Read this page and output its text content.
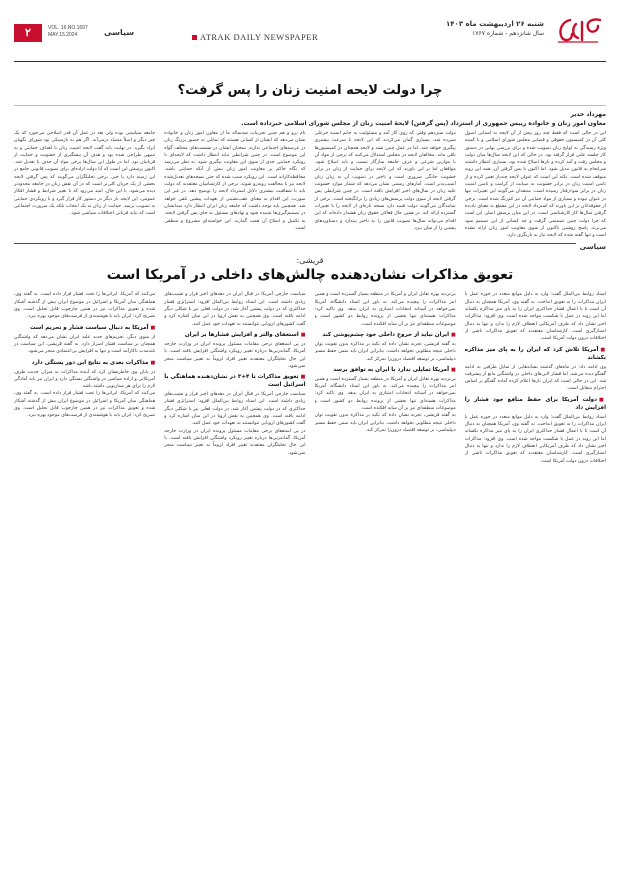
شنبه ۲۶ اردیبهشت ماه ۱۴۰۳
سال شانزدهم - شماره ۱۷۶۷
ATRAK DAILY NEWSPAPER
سیاسی
VOL. 16,NO.1697
MAY.15.2024
۲
چرا دولت لایحه امنیت زنان را پس گرفت؟
مهرداد خدیر
معاون امور زنان و خانواده رییس جمهوری از استرداد (پس گرفتن) لایحهٔ امنیت زنان از مجلس شورای اسلامی خبرداده است.
این در حالی است که فقط چند روز پیش از آن لایحه به استانی اصول کلی آن در کمیسیون حقوقی و قضایی مجلس شورای اسلامی و با کمیته ویژهٔ رسیدگی به لوایح زنان تصویب شده و برای بررسی نهایی در دستور کار جلسه علنی قرار گرفته بود. در حالی که این لایحه سال‌ها میان دولت و مجلس رفت و آمد کرده و بارها اصلاح شده بود، بسیاری انتظار داشتند سرانجام به قانون تبدیل شود. اما اکنون با پس گرفتن آن، همه این روند متوقف شده است. نکته این است که عنوان لایحه چندبار تغییر کرده و از تامین امنیت زنان در برابر خشونت به صیانت از کرامت و تامین امنیت زنان در برابر سوءرفتار رسیده است. منتقدان می‌گویند این تغییرات تنها در عنوان نبوده و بسیاری از مواد حمایتی آن نیز کم‌رنگ شده است. برخی از حقوقدانان بر این باورند که استرداد لایحه در این مقطع به معنای نادیده گرفتن سال‌ها کار کارشناسی است. در این میان پرسش اصلی این است که چرا دولت چنین تصمیمی گرفت و چه کسانی از این تصمیم سود می‌برند. پاسخ روشنی تاکنون از سوی معاونت امور زنان ارائه نشده است و تنها گفته شده که لایحه نیاز به بازنگری دارد.
دولت سیزدهم وقتی که روی کار آمد و مسئولیت به خانم انسیه خزعلی سپرده شد، بسیاری گمان می‌کردند که این لایحه با سرعت بیشتری پیگیری خواهد شد. اما در عمل چنین نشد و لایحه همچنان در کمیسیون‌ها باقی ماند. مخالفان لایحه در مجلس استدلال می‌کنند که برخی از مواد آن با موازین شرعی و عرف جامعه سازگار نیست و باید اصلاح شود. موافقان اما بر این باورند که این لایحه برای حمایت از زنان در برابر خشونت خانگی ضروری است و تاخیر در تصویب آن به زیان زنان آسیب‌پذیر است. آمارهای رسمی نشان می‌دهد که شمار موارد خشونت علیه زنان در سال‌های اخیر افزایش یافته است. در چنین شرایطی پس گرفتن لایحه از سوی دولت پرسش‌های زیادی را برانگیخته است. برخی از نمایندگان می‌گویند دولت قصد دارد نسخه تازه‌ای از لایحه را با تغییرات گسترده ارائه کند. در همین حال فعالان حقوق زنان هشدار داده‌اند که این اقدام می‌تواند سال‌ها تصویب قانون را به تاخیر بیندازد و دستاوردهای پیشین را از میان ببرد.
نام برو و هم چنین تجربیات سه‌ساله ما از معاون امور زنان و خانواده نشان می‌دهد که ایشان از کسانی هستند که تمایلی به حضور پررنگ زنان در عرصه‌های اجتماعی ندارند. سخنان ایشان در نشست‌های مختلف گواه این موضوع است. در چنین شرایطی نباید انتظار داشت که لایحه‌ای با رویکرد حمایتی جدی از سوی این معاونت پیگیری شود. به نظر می‌رسد که نگاه حاکم بر معاونت امور زنان بیش از آنکه حمایتی باشد، محافظه‌کارانه است. این رویکرد سبب شده که حتی نسخه‌های تعدیل‌شده لایحه نیز با مخالفت روبه‌رو شوند. برخی از کارشناسان معتقدند که دولت باید با شفافیت بیشتری دلایل استرداد لایحه را توضیح دهد. در غیر این صورت، این اقدام به معنای عقب‌نشینی از تعهدات پیشین تلقی خواهد شد. همچنین باید توجه داشت که جامعه زنان ایران انتظار دارد صدایشان در تصمیم‌گیری‌ها شنیده شود و نهادهای مسئول به جای پس گرفتن لایحه، به تکمیل و اصلاح آن همت گمارند. این خواسته‌ای مشروع و منطقی است.
جامعه سیاستی بوده ولی بعد در عمل آن قدر اصلاحی می‌خورد که یک چیز دیگر و اصلاً متضاد درمی‌آید. اگر هم به بازسیکی بود شورای نگهبان ایراد بگیرد. در نهایت باید گفت لایحه امنیت زنان با اهداف حمایتی و نه تنبیهی طراحی شده بود و هدف آن پیشگیری از خشونت و حمایت از قربانیان بود. اما در طول این سال‌ها برخی مواد آن حذف یا تعدیل شد. اکنون پرسش این است که آیا دولت اراده‌ای برای تصویب قانونی جامع در این زمینه دارد یا خیر. برخی تحلیلگران می‌گویند که پس گرفتن لایحه بخشی از یک جریان کلی‌تر است که در آن نقش زنان در جامعه محدودتر دیده می‌شود. با این حال، امید می‌رود که با تغییر شرایط و فشار افکار عمومی، این لایحه بار دیگر در دستور کار قرار گیرد و با رویکردی حمایتی به تصویب برسد. حمایت از زنان نه یک انتخاب بلکه یک ضرورت اجتماعی است که نباید قربانی اختلافات سیاسی شود.
سیاسی
قریشی:
تعویق مذاکرات نشان‌دهنده چالش‌های داخلی در آمریکا است

استاد روابط بین‌الملل گفت: وارد به دلیل موانع متعدد در حوزه عمل با ایران مذاکرات را به تعویق انداخت. به گفته وی، آمریکا همچنان به دنبال آن است تا با اعمال فشار حداکثری ایران را به پای میز مذاکره بکشاند اما این روند در عمل با شکست مواجه شده است. وی افزود: مذاکرات اخیر نشان داد که طرف آمریکایی انعطاف لازم را ندارد و تنها به دنبال امتیازگیری است. کارشناسان معتقدند که تعویق مذاکرات ناشی از اختلافات درون دولت آمریکا است.

■ آمریکا تلاش کرد که ایران را به پای میز مذاکره بکشاند

وی ادامه داد: در ماه‌های گذشته نشانه‌هایی از تمایل طرفین به ادامه گفتگو دیده می‌شد، اما فشار لابی‌های داخلی در واشنگتن مانع از پیشرفت شد. این در حالی است که ایران بارها اعلام کرده آماده گفتگو بر اساس احترام متقابل است.

■ دولت آمریکا برای حفظ منافع خود فشار را افزایش داد

استاد روابط بین‌الملل گفت: وارد به دلیل موانع متعدد در حوزه عمل با ایران مذاکرات را به تعویق انداخت. به گفته وی، آمریکا همچنان به دنبال آن است تا با اعمال فشار حداکثری ایران را به پای میز مذاکره بکشاند اما این روند در عمل با شکست مواجه شده است. وی افزود: مذاکرات اخیر نشان داد که طرف آمریکایی انعطاف لازم را ندارد و تنها به دنبال امتیازگیری است. کارشناسان معتقدند که تعویق مذاکرات ناشی از اختلافات درون دولت آمریکا است.

بی‌تردید بهره تقابل ایران و آمریکا در منطقه بسیار گسترده است و همین امر مذاکرات را پیچیده می‌کند. به باور این استاد دانشگاه، آمریکا نمی‌خواهد در آستانه انتخابات امتیازی به ایران بدهد. وی تاکید کرد: مذاکرات هسته‌ای تنها بخشی از پرونده روابط دو کشور است و موضوعات منطقه‌ای نیز بر آن سایه افکنده است.

■ ایران نباید از خروج داخلی خود چشم‌پوشی کند

به گفته قریشی، تجربه نشان داده که تکیه بر مذاکره بدون تقویت توان داخلی نتیجه مطلوبی نخواهد داشت. بنابراین ایران باید ضمن حفظ مسیر دیپلماسی، بر توسعه اقتصاد درون‌زا تمرکز کند.

■ آمریکا تمایلی ندارد با ایران به توافق برسد

بی‌تردید بهره تقابل ایران و آمریکا در منطقه بسیار گسترده است و همین امر مذاکرات را پیچیده می‌کند. به باور این استاد دانشگاه، آمریکا نمی‌خواهد در آستانه انتخابات امتیازی به ایران بدهد. وی تاکید کرد: مذاکرات هسته‌ای تنها بخشی از پرونده روابط دو کشور است و موضوعات منطقه‌ای نیز بر آن سایه افکنده است.

به گفته قریشی، تجربه نشان داده که تکیه بر مذاکره بدون تقویت توان داخلی نتیجه مطلوبی نخواهد داشت. بنابراین ایران باید ضمن حفظ مسیر دیپلماسی، بر توسعه اقتصاد درون‌زا تمرکز کند.

سیاست خارجی آمریکا در قبال ایران در دهه‌های اخیر فراز و نشیب‌های زیادی داشته است. این استاد روابط بین‌الملل افزود: استراتژی فشار حداکثری که در دولت پیشین آغاز شد، در دولت فعلی نیز با شکلی دیگر ادامه یافته است. وی همچنین به نقش اروپا در این میان اشاره کرد و گفت کشورهای اروپایی نتوانستند به تعهدات خود عمل کنند.

■ استعفای والتر و افزایش فشارها بر ایران

در پی استعفای برخی مقامات مسئول پرونده ایران در وزارت خارجه آمریکا، گمانه‌زنی‌ها درباره تغییر رویکرد واشنگتن افزایش یافته است. با این حال تحلیلگران معتقدند تغییر افراد لزوماً به تغییر سیاست منجر نمی‌شود.

■ تعویق مذاکرات تا ۴+۳ در نشان‌دهنده هماهنگی با اسرائیل است

سیاست خارجی آمریکا در قبال ایران در دهه‌های اخیر فراز و نشیب‌های زیادی داشته است. این استاد روابط بین‌الملل افزود: استراتژی فشار حداکثری که در دولت پیشین آغاز شد، در دولت فعلی نیز با شکلی دیگر ادامه یافته است. وی همچنین به نقش اروپا در این میان اشاره کرد و گفت کشورهای اروپایی نتوانستند به تعهدات خود عمل کنند.

در پی استعفای برخی مقامات مسئول پرونده ایران در وزارت خارجه آمریکا، گمانه‌زنی‌ها درباره تغییر رویکرد واشنگتن افزایش یافته است. با این حال تحلیلگران معتقدند تغییر افراد لزوماً به تغییر سیاست منجر نمی‌شود.

می‌کنند که آمریکا، ایرانی‌ها را تحت فشار قرار داده است. به گفته وی، هماهنگی میان آمریکا و اسرائیل در موضوع ایران بیش از گذشته آشکار شده و تعویق مذاکرات نیز در همین چارچوب قابل تحلیل است. وی تصریح کرد: ایران باید با هوشمندی از فرصت‌های موجود بهره ببرد.

■ آمریکا به دنبال سیاست فشار و تحریم است

از سوی دیگر، تحریم‌های جدید علیه ایران نشان می‌دهد که واشنگتن همچنان بر سیاست فشار اصرار دارد. به گفته قریشی، این سیاست در بلندمدت ناکارآمد است و تنها به افزایش بی‌اعتمادی منجر می‌شود.

■ مذاکرات بعدی به نتایج این دور بستگی دارد

در پایان وی خاطرنشان کرد که آینده مذاکرات به میزان جدیت طرف آمریکایی و اراده سیاسی در واشنگتن بستگی دارد و ایران نیز باید آمادگی لازم را برای هر سناریویی داشته باشد.

می‌کنند که آمریکا، ایرانی‌ها را تحت فشار قرار داده است. به گفته وی، هماهنگی میان آمریکا و اسرائیل در موضوع ایران بیش از گذشته آشکار شده و تعویق مذاکرات نیز در همین چارچوب قابل تحلیل است. وی تصریح کرد: ایران باید با هوشمندی از فرصت‌های موجود بهره ببرد.
